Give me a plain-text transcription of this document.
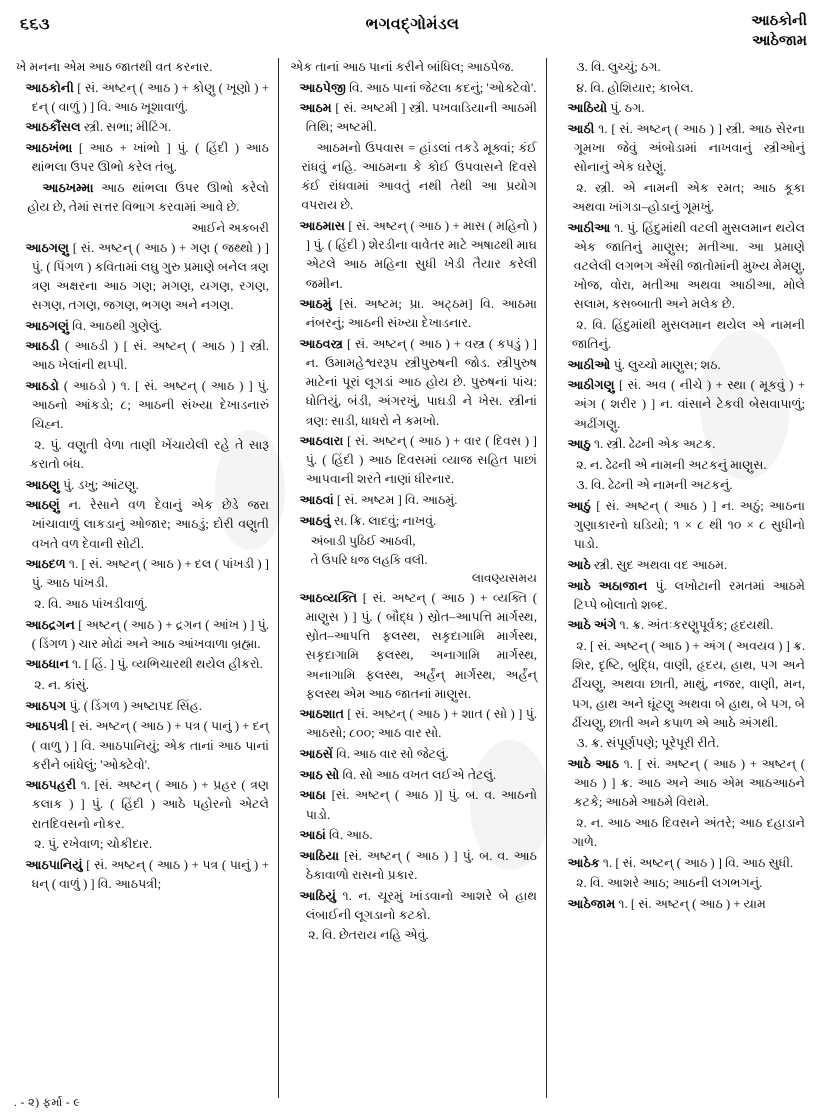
૬૬૩	ભગવદ્ગોમંડલ	આઠકોની
આઠેજામ
ખે મનના એમ આઠ જાતથી વત કરનાર.
આઠકોની [ સં. અષ્ટન્ ( આઠ ) + કોણુ ( ખૂણો ) + દન્ ( વાળું ) ] વિ. આઠ ખૂશાવાળું.
આઠકૌંસલ સ્ત્રી. સભા; મીટિંગ.
આઠખંભા [ આઠ + ખાંભો ] પું. ( હિંદી ) આઠ થાંભલા ઉપર ઊભો કરેલ તંબુ.
આઠખમ્મા આઠ થાંભલા ઉપર ઊભો કરેલો હોય છે, તેમાં સત્તર વિભાગ કરવામાં આવે છે.
આઈને અકબરી
આઠગણુ [ સં. અષ્ટન્ ( આઠ ) + ગણ ( જથ્થો ) ] પું. ( પિંગળ ) કવિતામાં લઘુ ગુરુ પ્રમાણે બનેલ ત્રણ ત્રણ અક્ષરના આઠ ગણ; મગણ, યગણ, રગણ, સગણ, તગણ, જગણ, ભગણ અને નગણ.
આઠગણું વિ. આઠથી ગુણેલું.
આઠડી ( આઠડી ) [ સં. અષ્ટન્ ( આઠ ) ] સ્ત્રી. આઠ ખેલાંની થપ્પી.
આઠડો ( આઠડો ) ૧. [ સં. અષ્ટન્ ( આઠ ) ] પું. આઠનો આંકડો; ૮; આઠની સંખ્યા દેખાડનારું ચિહ્ન.
૨. પું. વણુતી વેળા તાણી ખેંચાયેલી રહે તે સારૂ કરાતો બંધ.
આઠણુ પું. ડખુ; આંટણુ.
આઠણું ન. રેસાને વળ દેવાનું એક છેડે જરા ખાંચાવાળું લાકડાનું ઓજાર; આઠડું; દોરી વણુતી વખતે વળ દેવાની સોટી.
આઠદળ ૧. [ સં. અષ્ટન્ ( આઠ ) + દલ ( પાંખડી ) ] પું. આઠ પાંખડી.
૨. વિ. આઠ પાંખડીવાળું.
આઠદ્રગન [ અષ્ટન્ ( આઠ ) + દ્રગન ( આંખ ) ] પું. ( ડિંગળ ) ચાર મોઢાં અને આઠ આંખવાળા બ્રહ્મા.
આઠધાન ૧. [ હિં. ] પું. વ્યભિચારથી થયેલ હીકરો.
૨. ન. કાંસું.
આઠપગ પું. ( ડિંગળ ) અષ્ટાપદ સિંહ.
આઠપત્રી [ સં. અષ્ટન્ ( આઠ ) + પત્ર ( પાનું ) + દન્ ( વાળુ ) ] વિ. આઠપાનિયું; એક તાનાં આઠ પાનાં કરીને બાંધેલું; 'ઓક્ટેવો'.
આઠપહરી ૧. [સં. અષ્ટન્ ( આઠ ) + પ્રહર ( ત્રણ કલાક ) ] પું. ( હિંદી ) આઠે પહોરનો એટલે રાતદિવસનો નોકર.
૨. પું. રખેવાળ; ચોકીદાર.
આઠપાનિયું [ સં. અષ્ટન્ ( આઠ ) + પત્ર ( પાનું ) + ધન્ ( વાળું ) ] વિ. આઠપત્રી;
એક તાનાં આઠ પાનાં કરીને બાંધિલ; આઠપેજ.
આઠપેજી વિ. આઠ પાનાં જેટલા કદનું; 'ઓક્ટેવો'.
આઠમ [ સં. અષ્ટમી ] સ્ત્રી. પખવાડિયાની આઠમી તિથિ; અષ્ટમી.
આઠમનો ઉપવાસ = હાંડલાં તકડે મૂક્વાં; કંઈ રાંધવું નહિ. આઠમના કે કોઈ ઉપવાસને દિવસે કંઈ રાંધવામાં આવતું નથી તેથી આ પ્રયોગ વપરાય છે.
આઠમાસ [ સં. અષ્ટન્ ( આઠ ) + માસ ( મહિનો ) ] પું. ( હિંદી ) શેરડીના વાવેતર માટે અષાઢથી માઘ એટલે આઠ મહિના સુધી ખેડી તૈયાર કરેલી જમીન.
આઠમું [સં. અષ્ટમ; પ્રા. અટ્ઠમ] વિ. આઠમા નંબરનું; આઠની સંખ્યા દેખાડનાર.
આઠવસ્ત્ર [ સં. અષ્ટન્ ( આઠ ) + વસ્ત્ર ( કપડું ) ] ન. ઉમામહેશ્વરરૂપ સ્ત્રીપુરુષની જોડ. સ્ત્રીપુરુષ માટેનાં પૂરાં લૂગડાં આઠ હોય છે. પુરુષનાં પાંચ: ધોતિયું, બંડી, અંગરખું, પાઘડી ને ખેસ. સ્ત્રીનાં ત્રણ: સાડી, ધાધરો ને કમખો.
આઠવારા [ સં. અષ્ટન્ ( આઠ ) + વાર ( દિવસ ) ] પું. ( હિંદી ) આઠ દિવસમાં વ્યાજ સહિત પાછાં આપવાની શરતે નાણાં ધીરનાર.
આઠવાં [ સં. અષ્ટમ ] વિ. આઠમું.
આઠવું સ. ક્રિ. લાદવું; નાખવું.
અંબાડી પુઠિઈ આઠવી,
તે ઉપરિ ધજ લહકિ વલી.
લાવણ્યસમય
આઠવ્યક્તિ [ સં. અષ્ટન્ ( આઠ ) + વ્યક્તિ ( માણુસ ) ] પું. ( બૌદ્ધ ) સ્રોત–આપત્તિ માર્ગસ્થ, સ્રોત–આપત્તિ ફલસ્થ, સકૃદાગામિ માર્ગસ્થ, સકૃદાગામિ ફલસ્થ, અનાગામિ માર્ગસ્થ, અનાગામિ ફલસ્થ, અર્હંન્ માર્ગસ્થ, અર્હંન્ ફલસ્થ એમ આઠ જાતનાં માણુસ.
આઠશાત [ સં. અષ્ટન્ ( આઠ ) + શાત ( સો ) ] પું. આઠસો; ૮૦૦; આઠ વાર સો.
આઠસેં વિ. આઠ વાર સો જેટલું.
આઠ સો વિ. સો આઠ વખત લઈએ તેટલું.
આઠા [સં. અષ્ટન્ ( આઠ )] પું. બ. વ. આઠનો પાડો.
આઠાં વિ. આઠ.
આઠિયા [સં. અષ્ટન્ ( આઠ ) ] પું. બ. વ. આઠ ઠેકાવાળો રાસનો પ્રકાર.
આઠિયું ૧. ન. ચૂરમું ખાંડવાનો આશરે બે હાથ લંબાઈની લૂગડાનો કટકો.
૨. વિ. છેતરાય નહિ એવું.
૩. વિ. લુચ્ચું; ઠગ.
૪. વિ. હોશિયાર; કાબેલ.
આઠિયો પું. ઠગ.
આઠી ૧. [ સં. અષ્ટન્ ( આઠ ) ] સ્ત્રી. આઠ સેરના ગૂમખા જેવું અંબોડામાં નાખવાનું સ્ત્રીઓનું સોનાનું એક ઘરેણું.
૨. સ્ત્રી. એ નામની એક રમત; આઠ કૂકા અથવા ખાંગડા–હોડાનું ગૂમખું.
આઠીઆ ૧. પું. હિંદુમાંથી વટલી મુસલમાન થયેલ એક જાતિનું માણુસ; મતીઆ. આ પ્રમાણે વટલેલી લગભગ એંસી જાતોમાંની મુખ્ય મેમણુ, ખોજ, વોરા, મતીઆ અથવા આઠીઆ, મોલે સલામ, કસબ્બાતી અને મલેક છે.
૨. વિ. હિંદુમાંથી મુસલમાન થયેલ એ નામની જાતિનું.
આઠીઓ પું. લુચ્ચો માણુસ; શઠ.
આઠીગણુ [ સં. અવ ( નીચે ) + સ્થા ( મૂકવું ) + અંગ ( શરીર ) ] ન. વાંસાને ટેકવી બેસવાપાળું; અઢીંગણુ.
આઠુ ૧. સ્ત્રી. ઢેઢની એક અટક.
૨. ન. ઢેઢની એ નામની અટકનું માણુસ.
૩. વિ. ઢેઢની એ નામની અટકનું.
આઠું [ સં. અષ્ટન્ ( આઠ ) ] ન. અઠું; આઠના ગુણાકારનો ઘડિયો; ૧ × ૮ થી ૧૦ × ૮ સુધીનો પાડો.
આઠે સ્ત્રી. સુદ અથવા વદ આઠમ.
આઠે અઠાજાન પું. લખોટાની રમતમાં આઠમે ટિપ્પે બોલાતો શબ્દ.
આઠે અંગે ૧. ક્ર. અંતઃકરણુપૂર્વક; હૃદયથી.
૨. [ સં. અષ્ટન્ ( આઠ ) + અંગ ( અવયવ ) ] ક્ર. શિર, દૃષ્ટિ, બુદ્ધિ, વાણી, હૃદય, હાથ, પગ અને ઢીંચણુ, અથવા છાતી, માથું, નજર, વાણી, મન, પગ, હાથ અને ઘૂંટણુ અથવા બે હાથ, બે પગ, બે ઢીંચણુ, છાતી અને કપાળ એ આઠે અંગથી.
૩. ક્ર. સંપૂર્ણપણે; પૂરેપૂરી રીતે.
આઠે આઠ ૧. [ સં. અષ્ટન્ ( આઠ ) + અષ્ટન્ ( આઠ ) ] ક્ર. આઠ અને આઠ એમ આઠઆઠને કટકે; આઠમે આઠમે વિરામે.
૨. ન. આઠ આઠ દિવસને અંતરે; આઠ દહાડાને ગાળે.
આઠેક ૧. [ સં. અષ્ટન્ ( આઠ ) ] વિ. આઠ સુધી.
૨. વિ. આશરે આઠ; આઠની લગભગનું.
આઠેજામ ૧. [ સં. અષ્ટન્ ( આઠ ) + યામ
. - ૨) ફર્મા - ૯
